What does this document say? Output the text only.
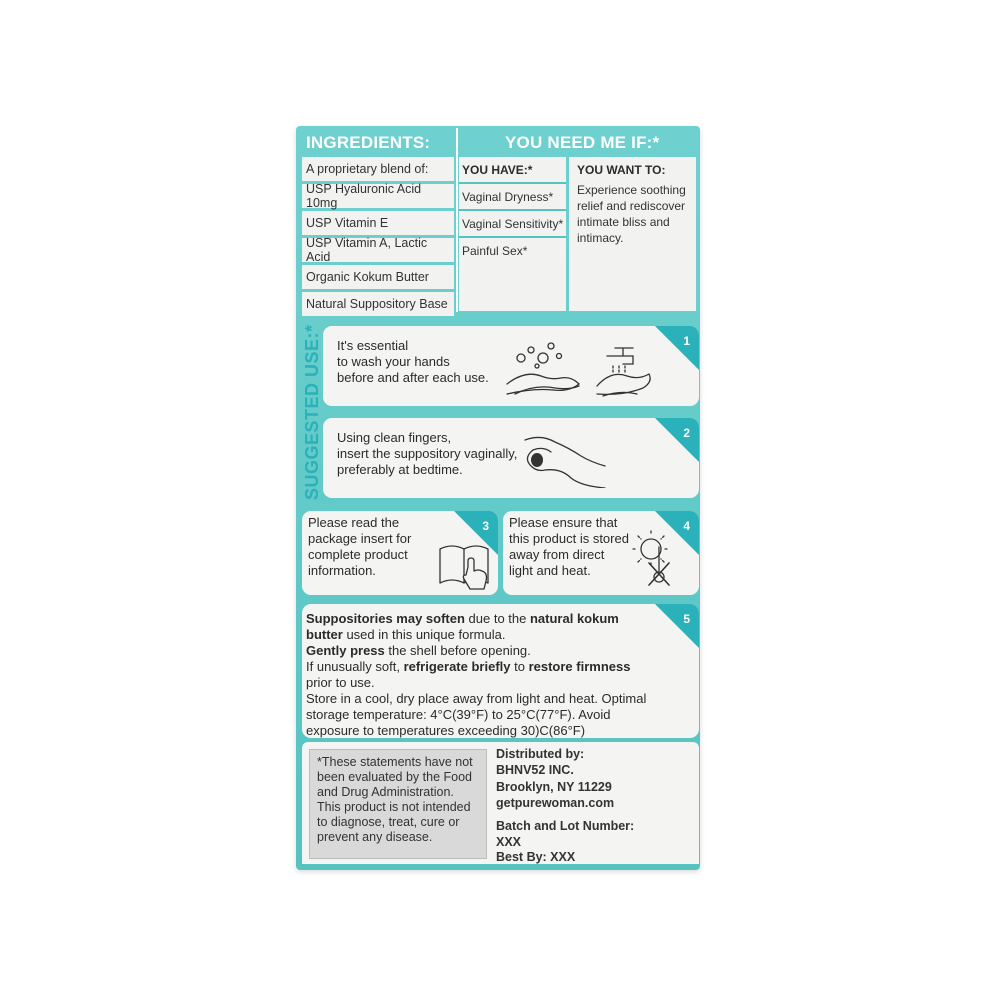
INGREDIENTS:	YOU NEED ME IF:*
A proprietary blend of:
USP Hyaluronic Acid 10mg
USP Vitamin E
USP Vitamin A, Lactic Acid
Organic Kokum Butter
Natural Suppository Base
YOU HAVE:*
Vaginal Dryness*
Vaginal Sensitivity*
Painful Sex*
YOU WANT TO:
Experience soothing relief and rediscover intimate bliss and intimacy.
SUGGESTED USE:*	1
It's essential
to wash your hands
before and after each use.
2
Using clean fingers,
insert the suppository vaginally,
preferably at bedtime.
3
Please read the
package insert for
complete product
information.
4
Please ensure that
this product is stored
away from direct
light and heat.
5
Suppositories may soften due to the natural kokum butter used in this unique formula.
Gently press the shell before opening.
If unusually soft, refrigerate briefly to restore firmness prior to use.
Store in a cool, dry place away from light and heat. Optimal storage temperature: 4°C(39°F) to 25°C(77°F). Avoid exposure to temperatures exceeding 30)C(86°F)
*These statements have not been evaluated by the Food and Drug Administration. This product is not intended to diagnose, treat, cure or prevent any disease.
Distributed by:
BHNV52 INC.
Brooklyn, NY 11229
getpurewoman.com
Batch and Lot Number:
XXX
Best By: XXX
